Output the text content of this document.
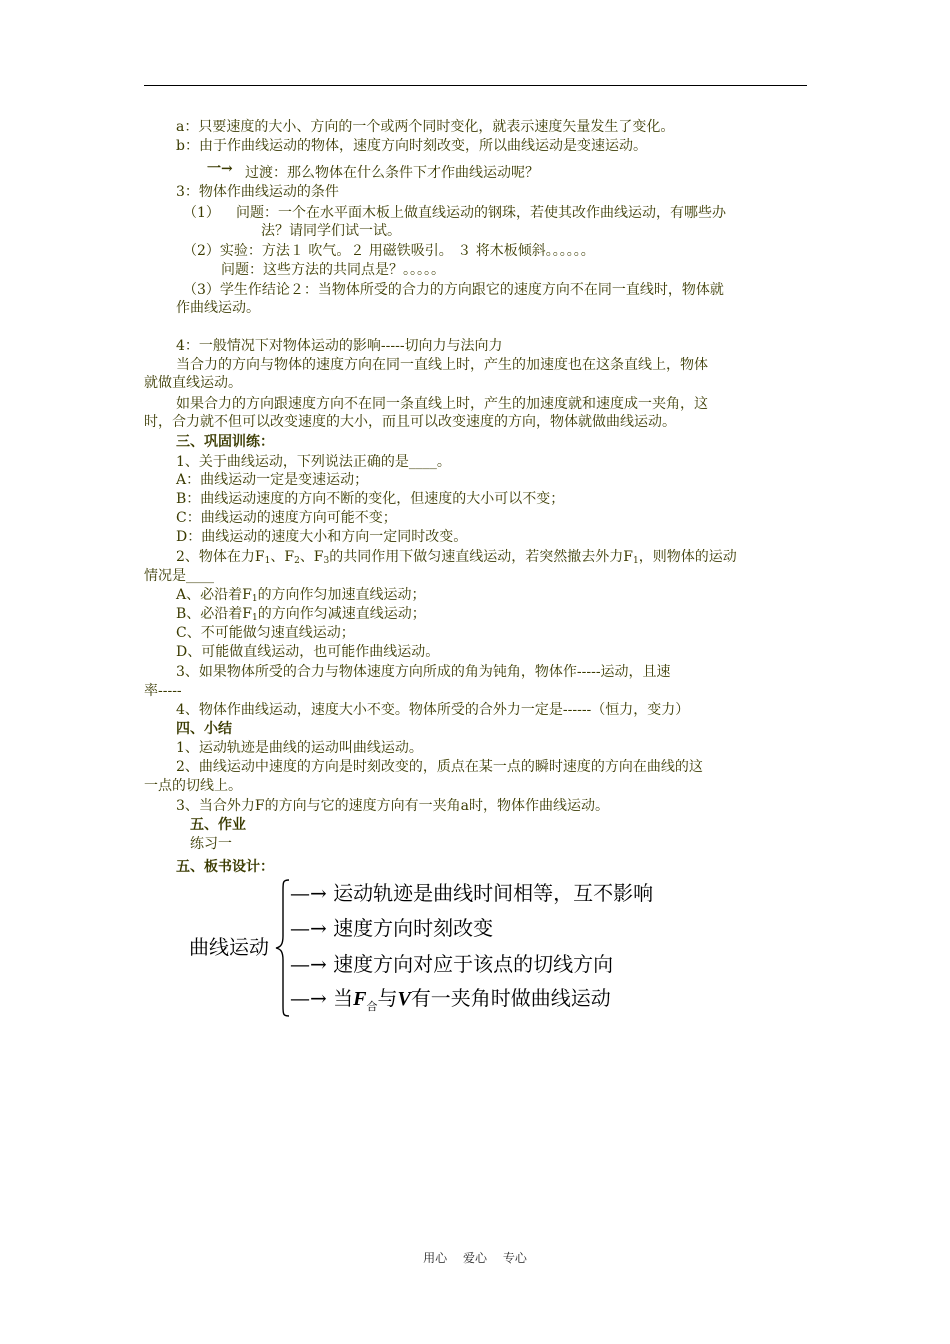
a：只要速度的大小、方向的一个或两个同时变化，就表示速度矢量发生了变化。
b：由于作曲线运动的物体，速度方向时刻改变，所以曲线运动是变速运动。
一→ 过渡：那么物体在什么条件下才作曲线运动呢？
3：物体作曲线运动的条件
（1） 问题：一个在水平面木板上做直线运动的钢珠，若使其改作曲线运动，有哪些办
法？请同学们试一试。
（2）实验：方法１ 吹气。２ 用磁铁吸引。 ３ 将木板倾斜。。。。。。
问题：这些方法的共同点是？。。。。。
（3）学生作结论２：当物体所受的合力的方向跟它的速度方向不在同一直线时，物体就
作曲线运动。
4：一般情况下对物体运动的影响-----切向力与法向力
当合力的方向与物体的速度方向在同一直线上时，产生的加速度也在这条直线上，物体
就做直线运动。
如果合力的方向跟速度方向不在同一条直线上时，产生的加速度就和速度成一夹角，这
时，合力就不但可以改变速度的大小，而且可以改变速度的方向，物体就做曲线运动。
三、巩固训练：
1、关于曲线运动，下列说法正确的是____。
A：曲线运动一定是变速运动；
B：曲线运动速度的方向不断的变化，但速度的大小可以不变；
C：曲线运动的速度方向可能不变；
D：曲线运动的速度大小和方向一定同时改变。
2、物体在力$F_1$、$F_2$、$F_3$的共同作用下做匀速直线运动，若突然撤去外力$F_1$，则物体的运动
情况是____
A、必沿着$F_1$的方向作匀加速直线运动；
B、必沿着$F_1$的方向作匀减速直线运动；
C、不可能做匀速直线运动；
D、可能做直线运动，也可能作曲线运动。
3、如果物体所受的合力与物体速度方向所成的角为钝角，物体作-----运动，且速
率-----
4、物体作曲线运动，速度大小不变。物体所受的合外力一定是------（恒力，变力）
四、小结
1、运动轨迹是曲线的运动叫曲线运动。
2、曲线运动中速度的方向是时刻改变的，质点在某一点的瞬时速度的方向在曲线的这
一点的切线上。
3、当合外力F的方向与它的速度方向有一夹角a时，物体作曲线运动。
五、作业
练习一
五、板书设计：
曲线运动
—→ 运动轨迹是曲线时间相等，互不影响
—→ 速度方向时刻改变
—→ 速度方向对应于该点的切线方向
—→ 当$F_合$与V有一夹角时做曲线运动
用心 爱心 专心
